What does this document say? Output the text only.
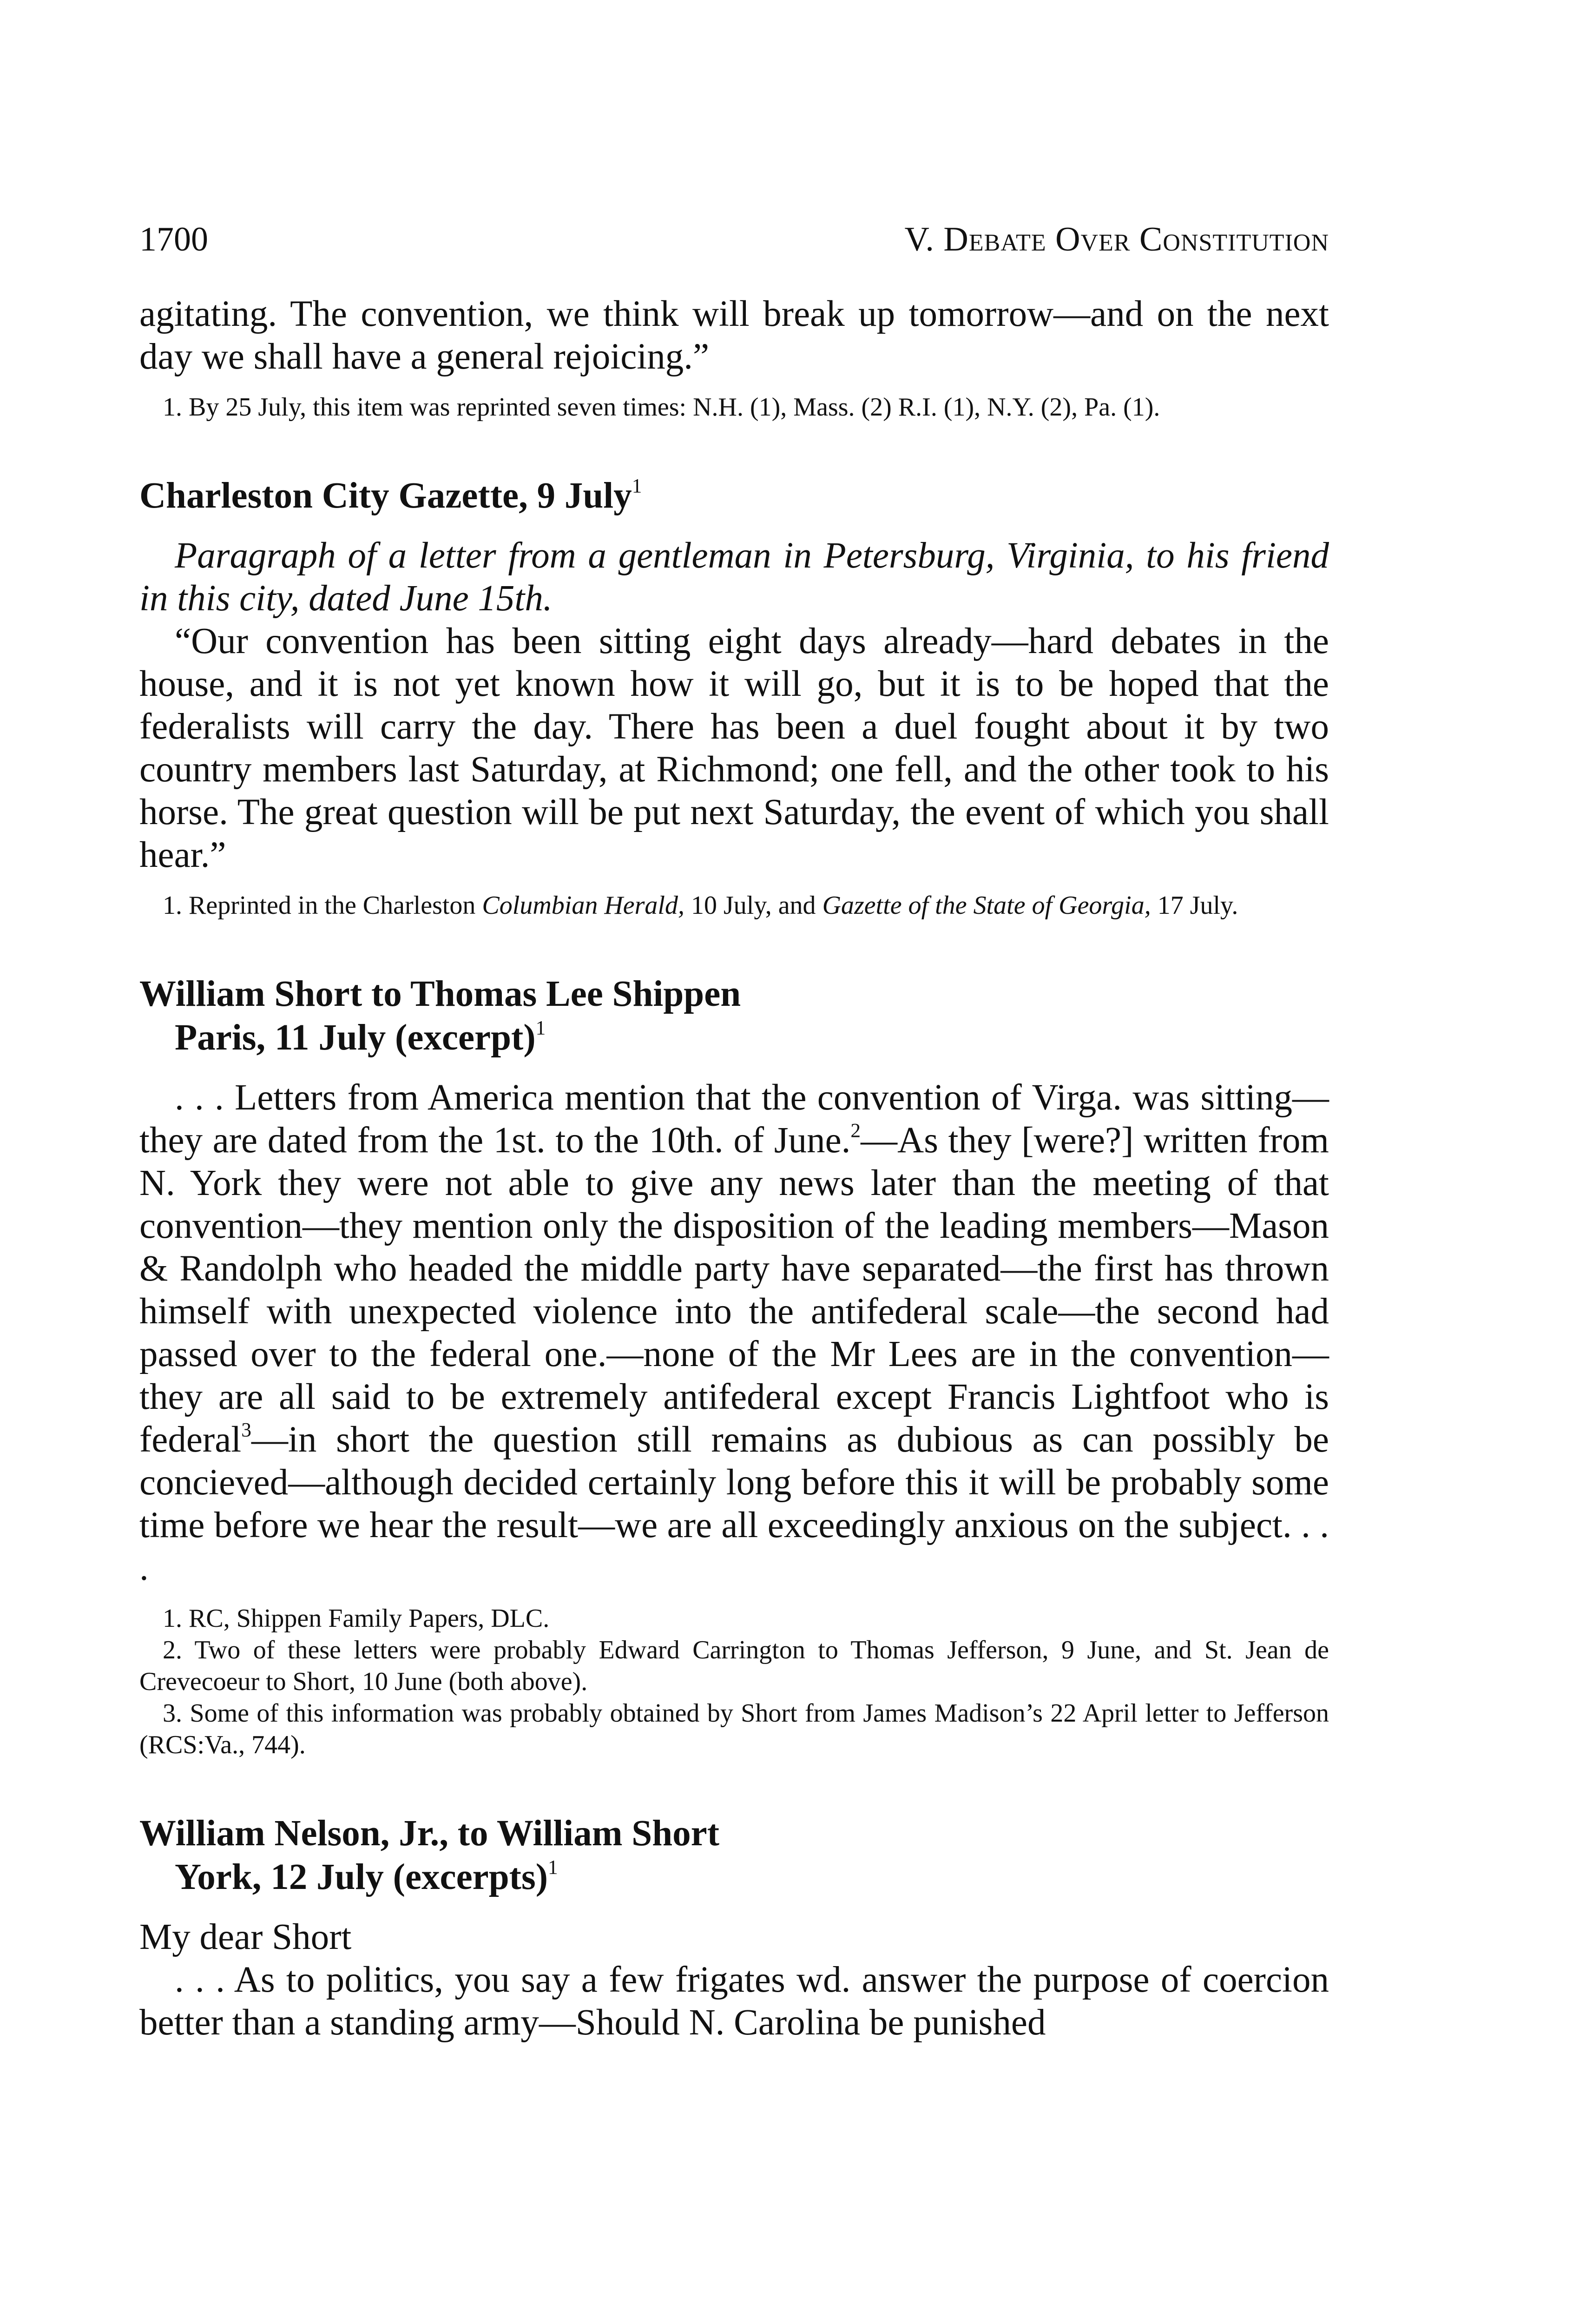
1700	V. Debate Over Constitution

agitating. The convention, we think will break up tomorrow—and on the next day we shall have a general rejoicing.”

1. By 25 July, this item was reprinted seven times: N.H. (1), Mass. (2) R.I. (1), N.Y. (2), Pa. (1).

Charleston City Gazette, 9 July$^1$

Paragraph of a letter from a gentleman in Petersburg, Virginia, to his friend in this city, dated June 15th.

“Our convention has been sitting eight days already—hard debates in the house, and it is not yet known how it will go, but it is to be hoped that the federalists will carry the day. There has been a duel fought about it by two country members last Saturday, at Richmond; one fell, and the other took to his horse. The great question will be put next Saturday, the event of which you shall hear.”

1. Reprinted in the Charleston Columbian Herald, 10 July, and Gazette of the State of Georgia, 17 July.

William Short to Thomas Lee Shippen
Paris, 11 July (excerpt)$^1$

. . . Letters from America mention that the convention of Virga. was sitting—they are dated from the 1st. to the 10th. of June.$^2$—As they [were?] written from N. York they were not able to give any news later than the meeting of that convention—they mention only the disposition of the leading members—Mason & Randolph who headed the middle party have separated—the first has thrown himself with unexpected violence into the antifederal scale—the second had passed over to the federal one.—none of the Mr Lees are in the convention—they are all said to be extremely antifederal except Francis Lightfoot who is federal$^3$—in short the question still remains as dubious as can possibly be concieved—although decided certainly long before this it will be probably some time before we hear the result—we are all exceedingly anxious on the subject. . . .

1. RC, Shippen Family Papers, DLC.

2. Two of these letters were probably Edward Carrington to Thomas Jefferson, 9 June, and St. Jean de Crevecoeur to Short, 10 June (both above).

3. Some of this information was probably obtained by Short from James Madison’s 22 April letter to Jefferson (RCS:Va., 744).

William Nelson, Jr., to William Short
York, 12 July (excerpts)$^1$

My dear Short

. . . As to politics, you say a few frigates wd. answer the purpose of coercion better than a standing army—Should N. Carolina be punished
